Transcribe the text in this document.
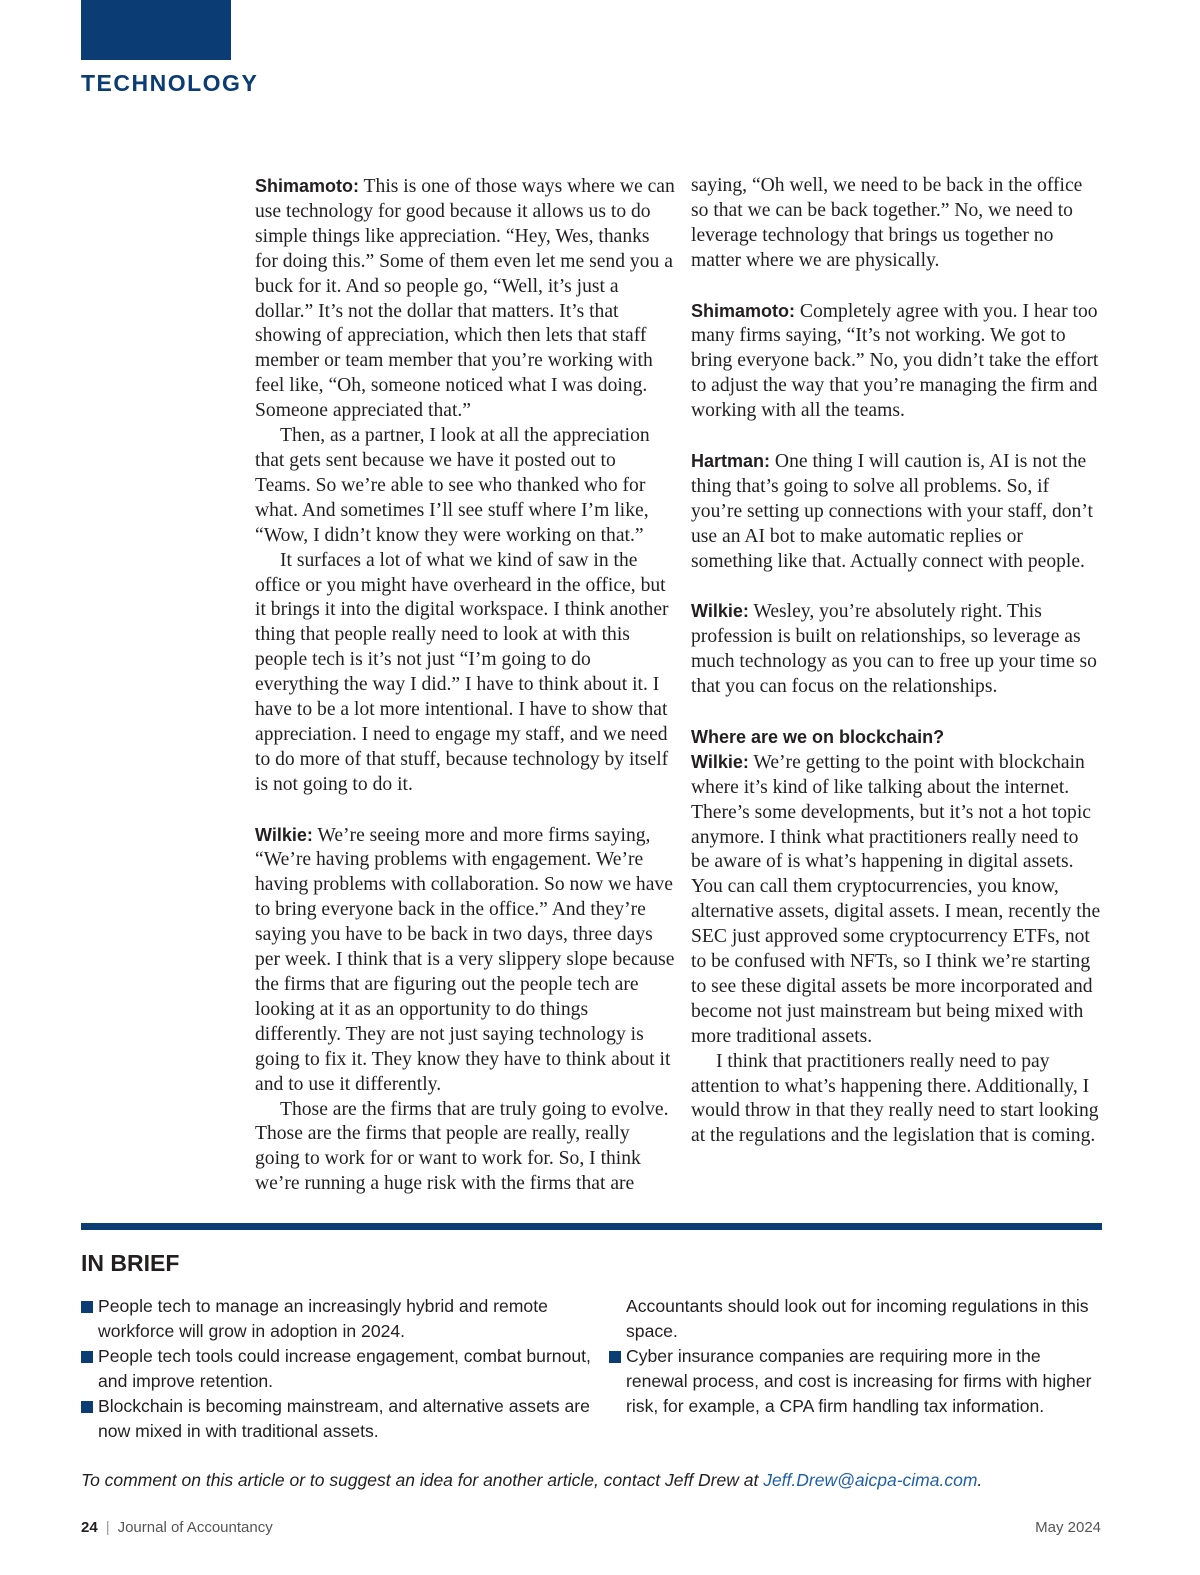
TECHNOLOGY

Shimamoto: This is one of those ways where we can use technology for good because it allows us to do simple things like appreciation. “Hey, Wes, thanks for doing this.” Some of them even let me send you a buck for it. And so people go, “Well, it’s just a dollar.” It’s not the dollar that matters. It’s that showing of appreciation, which then lets that staff member or team member that you’re working with feel like, “Oh, someone noticed what I was doing. Someone appreciated that.”

Then, as a partner, I look at all the appreciation that gets sent because we have it posted out to Teams. So we’re able to see who thanked who for what. And sometimes I’ll see stuff where I’m like, “Wow, I didn’t know they were working on that.”

It surfaces a lot of what we kind of saw in the office or you might have overheard in the office, but it brings it into the digital workspace. I think another thing that people really need to look at with this people tech is it’s not just “I’m going to do everything the way I did.” I have to think about it. I have to be a lot more intentional. I have to show that appreciation. I need to engage my staff, and we need to do more of that stuff, because technology by itself is not going to do it.

Wilkie: We’re seeing more and more firms saying, “We’re having problems with engagement. We’re having problems with collaboration. So now we have to bring everyone back in the office.” And they’re saying you have to be back in two days, three days per week. I think that is a very slippery slope because the firms that are figuring out the people tech are looking at it as an opportunity to do things differently. They are not just saying technology is going to fix it. They know they have to think about it and to use it differently.

Those are the firms that are truly going to evolve. Those are the firms that people are really, really going to work for or want to work for. So, I think we’re running a huge risk with the firms that are

saying, “Oh well, we need to be back in the office so that we can be back together.” No, we need to leverage technology that brings us together no matter where we are physically.

Shimamoto: Completely agree with you. I hear too many firms saying, “It’s not working. We got to bring everyone back.” No, you didn’t take the effort to adjust the way that you’re managing the firm and working with all the teams.

Hartman: One thing I will caution is, AI is not the thing that’s going to solve all problems. So, if you’re setting up connections with your staff, don’t use an AI bot to make automatic replies or something like that. Actually connect with people.

Wilkie: Wesley, you’re absolutely right. This profession is built on relationships, so leverage as much technology as you can to free up your time so that you can focus on the relationships.

Where are we on blockchain?
Wilkie: We’re getting to the point with blockchain where it’s kind of like talking about the internet. There’s some developments, but it’s not a hot topic anymore. I think what practitioners really need to be aware of is what’s happening in digital assets. You can call them cryptocurrencies, you know, alternative assets, digital assets. I mean, recently the SEC just approved some cryptocurrency ETFs, not to be confused with NFTs, so I think we’re starting to see these digital assets be more incorporated and become not just mainstream but being mixed with more traditional assets.

I think that practitioners really need to pay attention to what’s happening there. Additionally, I would throw in that they really need to start looking at the regulations and the legislation that is coming.

IN BRIEF
People tech to manage an increasingly hybrid and remote workforce will grow in adoption in 2024.
People tech tools could increase engagement, combat burnout, and improve retention.
Blockchain is becoming mainstream, and alternative assets are now mixed in with traditional assets.
Accountants should look out for incoming regulations in this space.
Cyber insurance companies are requiring more in the renewal process, and cost is increasing for firms with higher risk, for example, a CPA firm handling tax information.
To comment on this article or to suggest an idea for another article, contact Jeff Drew at Jeff.Drew@aicpa-cima.com.
24 | Journal of Accountancy	May 2024
